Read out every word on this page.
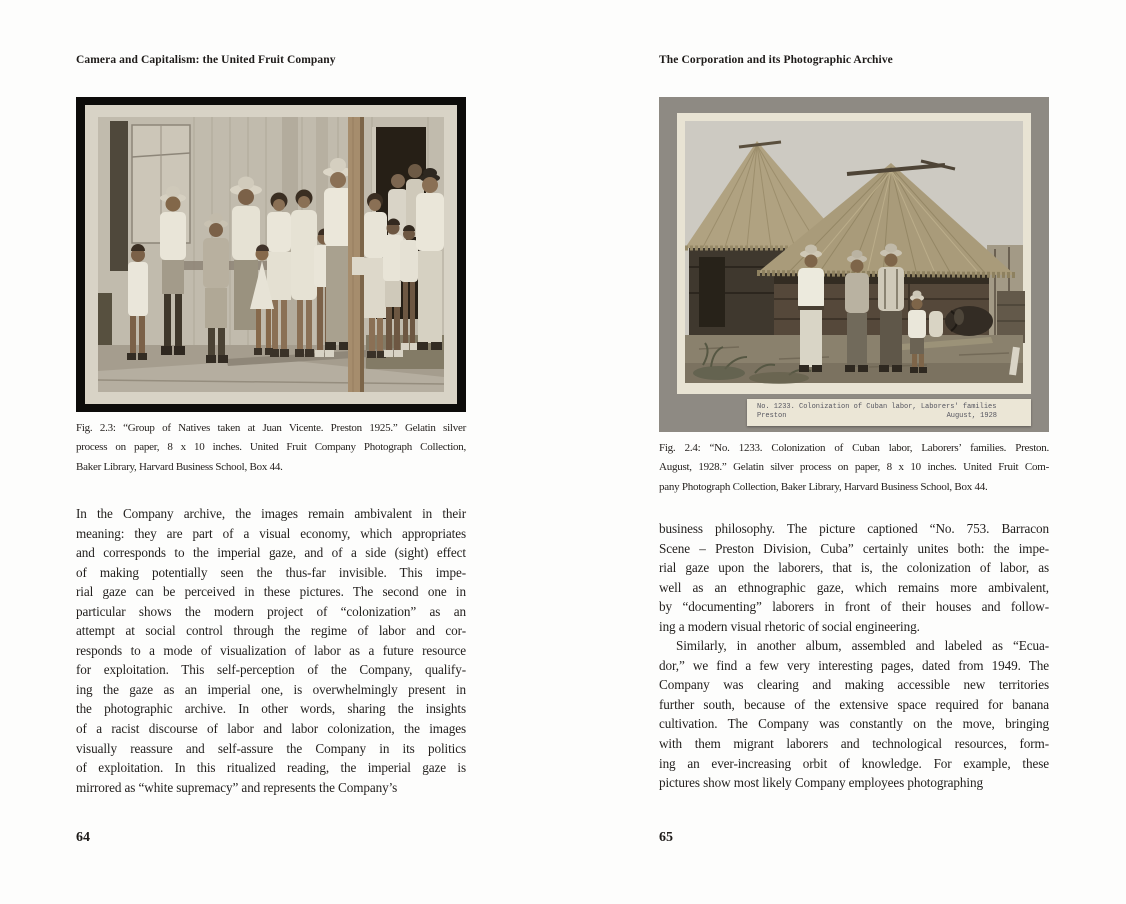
Camera and Capitalism: the United Fruit Company	The Corporation and its Photographic Archive
No. 1233. Colonization of Cuban labor, Laborers' families
Preston	August, 1928
Fig. 2.3: “Group of Natives taken at Juan Vicente. Preston 1925.” Gelatin silver
process on paper, 8 x 10 inches. United Fruit Company Photograph Collection,
Baker Library, Harvard Business School, Box 44.
Fig. 2.4: “No. 1233. Colonization of Cuban labor, Laborers’ families. Preston.
August, 1928.” Gelatin silver process on paper, 8 x 10 inches. United Fruit Com-
pany Photograph Collection, Baker Library, Harvard Business School, Box 44.
In the Company archive, the images remain ambivalent in their
meaning: they are part of a visual economy, which appropriates
and corresponds to the imperial gaze, and of a side (sight) effect
of making potentially seen the thus-far invisible. This impe-
rial gaze can be perceived in these pictures. The second one in
particular shows the modern project of “colonization” as an
attempt at social control through the regime of labor and cor-
responds to a mode of visualization of labor as a future resource
for exploitation. This self-perception of the Company, qualify-
ing the gaze as an imperial one, is overwhelmingly present in
the photographic archive. In other words, sharing the insights
of a racist discourse of labor and labor colonization, the images
visually reassure and self-assure the Company in its politics
of exploitation. In this ritualized reading, the imperial gaze is
mirrored as “white supremacy” and represents the Company’s
business philosophy. The picture captioned “No. 753. Barracon
Scene – Preston Division, Cuba” certainly unites both: the impe-
rial gaze upon the laborers, that is, the colonization of labor, as
well as an ethnographic gaze, which remains more ambivalent,
by “documenting” laborers in front of their houses and follow-
ing a modern visual rhetoric of social engineering.
Similarly, in another album, assembled and labeled as “Ecua-
dor,” we find a few very interesting pages, dated from 1949. The
Company was clearing and making accessible new territories
further south, because of the extensive space required for banana
cultivation. The Company was constantly on the move, bringing
with them migrant laborers and technological resources, form-
ing an ever-increasing orbit of knowledge. For example, these
pictures show most likely Company employees photographing
64	65
